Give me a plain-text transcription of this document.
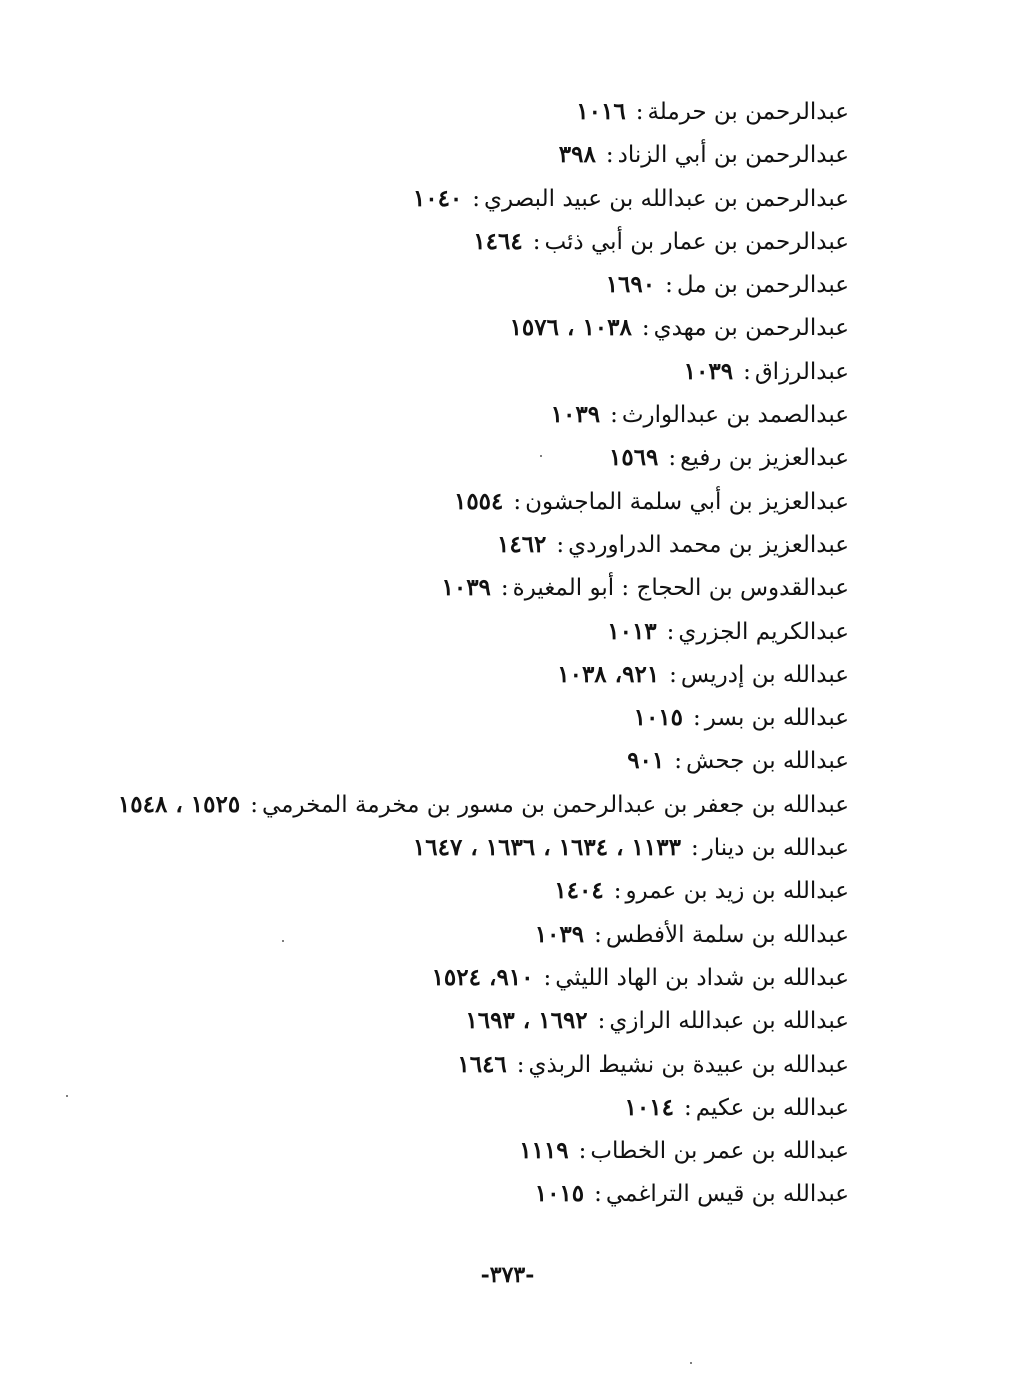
عبدالرحمن بن حرملة:١٠١٦
عبدالرحمن بن أبي الزناد:٣٩٨
عبدالرحمن بن عبدالله بن عبيد البصري:١٠٤٠
عبدالرحمن بن عمار بن أبي ذئب:١٤٦٤
عبدالرحمن بن مل:١٦٩٠
عبدالرحمن بن مهدي:١٠٣٨ ، ١٥٧٦
عبدالرزاق:١٠٣٩
عبدالصمد بن عبدالوارث:١٠٣٩
عبدالعزيز بن رفيع:١٥٦٩
عبدالعزيز بن أبي سلمة الماجشون:١٥٥٤
عبدالعزيز بن محمد الدراوردي:١٤٦٢
عبدالقدوس بن الحجاج : أبو المغيرة:١٠٣٩
عبدالكريم الجزري:١٠١٣
عبدالله بن إدريس:٩٢١، ١٠٣٨
عبدالله بن بسر:١٠١٥
عبدالله بن جحش:٩٠١
عبدالله بن جعفر بن عبدالرحمن بن مسور بن مخرمة المخرمي:١٥٢٥ ، ١٥٤٨
عبدالله بن دينار:١١٣٣ ، ١٦٣٤ ، ١٦٣٦ ، ١٦٤٧
عبدالله بن زيد بن عمرو:١٤٠٤
عبدالله بن سلمة الأفطس:١٠٣٩
عبدالله بن شداد بن الهاد الليثي:٩١٠، ١٥٢٤
عبدالله بن عبدالله الرازي:١٦٩٢ ، ١٦٩٣
عبدالله بن عبيدة بن نشيط الربذي:١٦٤٦
عبدالله بن عكيم:١٠١٤
عبدالله بن عمر بن الخطاب:١١١٩
عبدالله بن قيس التراغمي:١٠١٥
-٣٧٣-
